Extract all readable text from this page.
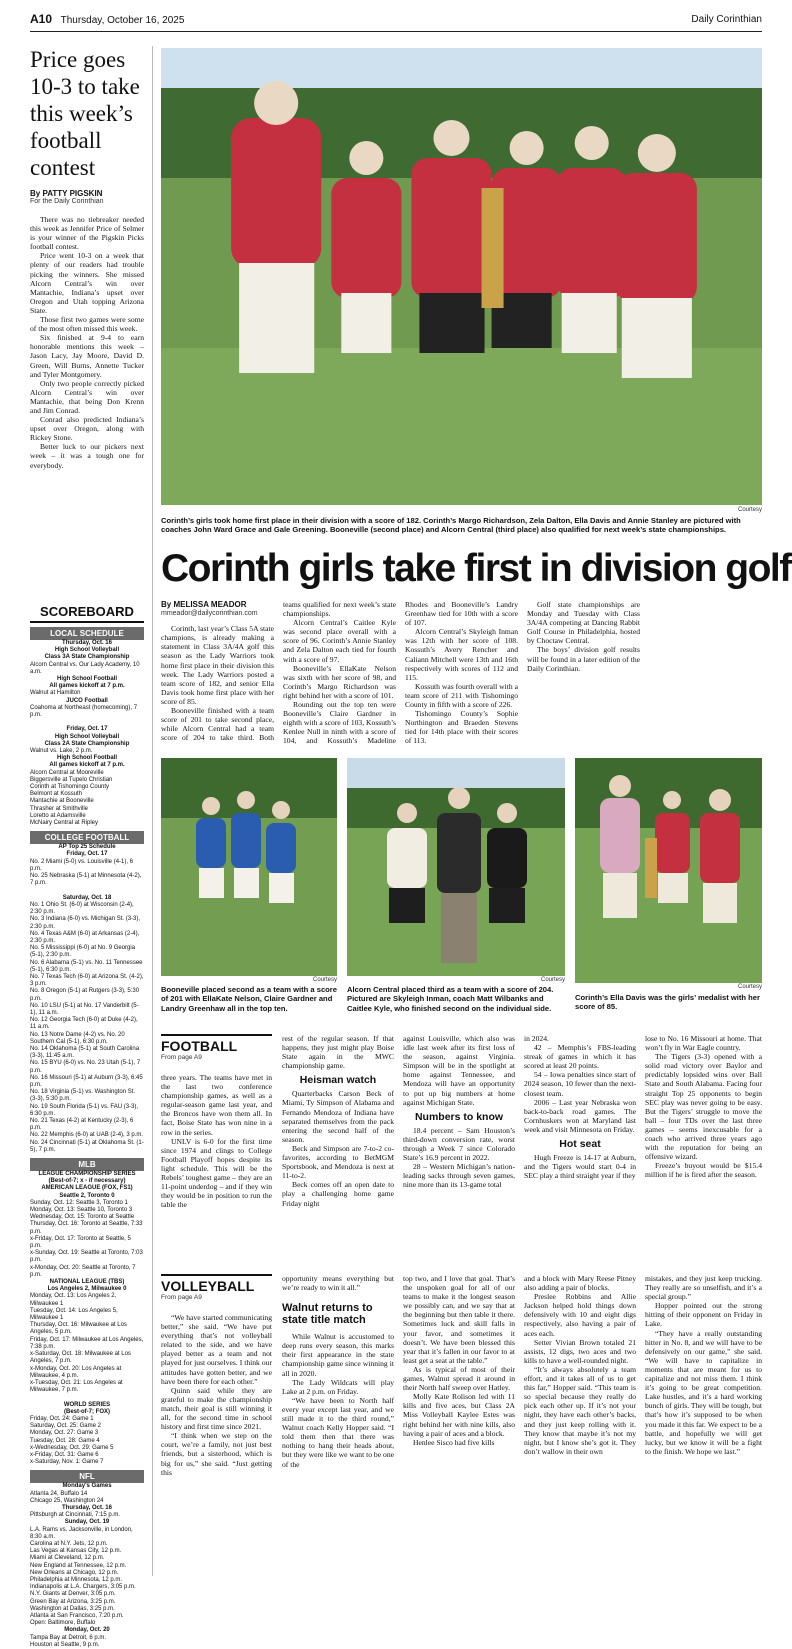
A10 Thursday, October 16, 2025	Daily Corinthian
Price goes 10-3 to take this week’s football contest
By PATTY PIGSKIN
For the Daily Corinthian

There was no tiebreaker needed this week as Jennifer Price of Selmer is your winner of the Pigskin Picks football contest.

Price went 10-3 on a week that plenty of our readers had trouble picking the winners. She missed Alcorn Central’s win over Mantachie, Indiana’s upset over Oregon and Utah topping Arizona State.

Those first two games were some of the most often missed this week.

Six finished at 9-4 to earn honorable mentions this week – Jason Lacy, Jay Moore, David D. Green, Will Burns, Annette Tucker and Tyler Montgomery.

Only two people correctly picked Alcorn Central’s win over Mantachie, that being Don Krenn and Jim Conrad.

Conrad also predicted Indiana’s upset over Oregon, along with Rickey Stone.

Better luck to our pickers next week – it was a tough one for everybody.

SCOREBOARD
LOCAL SCHEDULE
Thursday, Oct. 16
High School Volleyball
Class 3A State Championship
Alcorn Central vs. Our Lady Academy, 10 a.m.
High School Football
All games kickoff at 7 p.m.
Walnut at Hamilton
JUCO Football
Coahoma at Northeast (homecoming), 7 p.m.

Friday, Oct. 17
High School Volleyball
Class 2A State Championship
Walnut vs. Lake, 2 p.m.
High School Football
All games kickoff at 7 p.m.
Alcorn Central at Mooreville
Biggersville at Tupelo Christian
Corinth at Tishomingo County
Belmont at Kossuth
Mantachie at Booneville
Thrasher at Smithville
Loretto at Adamsville
McNairy Central at Ripley
COLLEGE FOOTBALL
AP Top 25 Schedule
Friday, Oct. 17
No. 2 Miami (5-0) vs. Louisville (4-1), 6 p.m.
No. 25 Nebraska (5-1) at Minnesota (4-2), 7 p.m.

Saturday, Oct. 18
No. 1 Ohio St. (6-0) at Wisconsin (2-4), 2:30 p.m.
No. 3 Indiana (6-0) vs. Michigan St. (3-3), 2:30 p.m.
No. 4 Texas A&M (6-0) at Arkansas (2-4), 2:30 p.m.
No. 5 Mississippi (6-0) at No. 9 Georgia (5-1), 2:30 p.m.
No. 6 Alabama (5-1) vs. No. 11 Tennessee (5-1), 6:30 p.m.
No. 7 Texas Tech (6-0) at Arizona St. (4-2), 3 p.m.
No. 8 Oregon (5-1) at Rutgers (3-3), 5:30 p.m.
No. 10 LSU (5-1) at No. 17 Vanderbilt (5-1), 11 a.m.
No. 12 Georgia Tech (6-0) at Duke (4-2), 11 a.m.
No. 13 Notre Dame (4-2) vs. No. 20 Southern Cal (5-1), 6:30 p.m.
No. 14 Oklahoma (5-1) at South Carolina (3-3), 11:45 a.m.
No. 15 BYU (6-0) vs. No. 23 Utah (5-1), 7 p.m.
No. 16 Missouri (5-1) at Auburn (3-3), 6:45 p.m.
No. 18 Virginia (5-1) vs. Washington St. (3-3), 5:30 p.m.
No. 19 South Florida (5-1) vs. FAU (3-3), 6:30 p.m.
No. 21 Texas (4-2) at Kentucky (2-3), 6 p.m.
No. 22 Memphis (6-0) at UAB (2-4), 3 p.m.
No. 24 Cincinnati (5-1) at Oklahoma St. (1-5), 7 p.m.
MLB
LEAGUE CHAMPIONSHIP SERIES
(Best-of-7; x - if necessary)
AMERICAN LEAGUE (FOX, FS1)
Seattle 2, Toronto 0
Sunday, Oct. 12: Seattle 3, Toronto 1
Monday, Oct. 13: Seattle 10, Toronto 3
Wednesday, Oct. 15: Toronto at Seattle
Thursday, Oct. 16: Toronto at Seattle, 7:33 p.m.
x-Friday, Oct. 17: Toronto at Seattle, 5 p.m.
x-Sunday, Oct. 19: Seattle at Toronto, 7:03 p.m.
x-Monday, Oct. 20: Seattle at Toronto, 7 p.m.
NATIONAL LEAGUE (TBS)
Los Angeles 2, Milwaukee 0
Monday, Oct. 13: Los Angeles 2, Milwaukee 1
Tuesday, Oct. 14: Los Angeles 5, Milwaukee 1
Thursday, Oct. 16: Milwaukee at Los Angeles, 5 p.m.
Friday, Oct. 17: Milwaukee at Los Angeles, 7:38 p.m.
x-Saturday, Oct. 18: Milwaukee at Los Angeles, 7 p.m.
x-Monday, Oct. 20: Los Angeles at Milwaukee, 4 p.m.
x-Tuesday, Oct. 21: Los Angeles at Milwaukee, 7 p.m.

WORLD SERIES
(Best-of-7; FOX)
Friday, Oct. 24: Game 1
Saturday, Oct. 25: Game 2
Monday, Oct. 27: Game 3
Tuesday, Oct. 28: Game 4
x-Wednesday, Oct. 29: Game 5
x-Friday, Oct. 31: Game 6
x-Saturday, Nov. 1: Game 7
NFL
Monday's Games
Atlanta 24, Buffalo 14
Chicago 25, Washington 24
Thursday, Oct. 16
Pittsburgh at Cincinnati, 7:15 p.m.
Sunday, Oct. 19
L.A. Rams vs. Jacksonville, in London, 8:30 a.m.
Carolina at N.Y. Jets, 12 p.m.
Las Vegas at Kansas City, 12 p.m.
Miami at Cleveland, 12 p.m.
New England at Tennessee, 12 p.m.
New Orleans at Chicago, 12 p.m.
Philadelphia at Minnesota, 12 p.m.
Indianapolis at L.A. Chargers, 3:05 p.m.
N.Y. Giants at Denver, 3:05 p.m.
Green Bay at Arizona, 3:25 p.m.
Washington at Dallas, 3:25 p.m.
Atlanta at San Francisco, 7:20 p.m.
Open: Baltimore, Buffalo
Monday, Oct. 20
Tampa Bay at Detroit, 6 p.m.
Houston at Seattle, 9 p.m.
Courtesy
Corinth’s girls took home first place in their division with a score of 182. Corinth’s Margo Richardson, Zela Dalton, Ella Davis and Annie Stanley are pictured with coaches John Ward Grace and Gale Greening. Booneville (second place) and Alcorn Central (third place) also qualified for next week’s state championships.
Corinth girls take first in division golf
By MELISSA MEADOR
mmeador@dailycorinthian.com

Corinth, last year’s Class 5A state champions, is already making a statement in Class 3A/4A golf this season as the Lady Warriors took home first place in their division this week. The Lady Warriors posted a team score of 182, and senior Ella Davis took home first place with her score of 85.

Booneville finished with a team score of 201 to take second place, while Alcorn Central had a team score of 204 to take third. Both teams qualified for next week’s state championships.

Alcorn Central’s Caitlee Kyle was second place overall with a score of 96. Corinth’s Annie Stanley and Zela Dalton each tied for fourth with a score of 97.

Booneville’s EllaKate Nelson was sixth with her score of 98, and Corinth’s Margo Richardson was right behind her with a score of 101.

Rounding out the top ten were Booneville’s Claire Gardner in eighth with a score of 103, Kossuth’s Kenlee Null in ninth with a score of 104, and Kossuth’s Madeline Rhodes and Booneville’s Landry Greenhaw tied for 10th with a score of 107.

Alcorn Central’s Skyleigh Inman was 12th with her score of 108. Kossuth’s Avery Rencher and Caliann Mitchell were 13th and 16th respectively with scores of 112 and 115.

Kossuth was fourth overall with a team score of 211 with Tishomingo County in fifth with a score of 226.

Tishomingo County’s Sophie Northington and Braeden Stevens tied for 14th place with their scores of 113.

Golf state championships are Monday and Tuesday with Class 3A/4A competing at Dancing Rabbit Golf Course in Philadelphia, hosted by Choctaw Central.

The boys’ division golf results will be found in a later edition of the Daily Corinthian.

Courtesy
Booneville placed second as a team with a score of 201 with EllaKate Nelson, Claire Gardner and Landry Greenhaw all in the top ten.
Courtesy
Alcorn Central placed third as a team with a score of 204. Pictured are Skyleigh Inman, coach Matt Wilbanks and Caitlee Kyle, who finished second on the individual side.
Courtesy
Corinth’s Ella Davis was the girls’ medalist with her score of 85.
FOOTBALL
From page A9

three years. The teams have met in the last two conference championship games, as well as a regular-season game last year, and the Broncos have won them all. In fact, Boise State has won nine in a row in the series.

UNLV is 6-0 for the first time since 1974 and clings to College Football Playoff hopes despite its light schedule. This will be the Rebels’ toughest game – they are an 11-point underdog – and if they win they would be in position to run the table the

rest of the regular season. If that happens, they just might play Boise State again in the MWC championship game.

Heisman watch

Quarterbacks Carson Beck of Miami, Ty Simpson of Alabama and Fernando Mendoza of Indiana have separated themselves from the pack entering the second half of the season.

Beck and Simpson are 7-to-2 co-favorites, according to BetMGM Sportsbook, and Mendoza is next at 11-to-2.

Beck comes off an open date to play a challenging home game Friday night

against Louisville, which also was idle last week after its first loss of the season, against Virginia. Simpson will be in the spotlight at home against Tennessee, and Mendoza will have an opportunity to put up big numbers at home against Michigan State.

Numbers to know

18.4 percent – Sam Houston’s third-down conversion rate, worst through a Week 7 since Colorado State’s 16.9 percent in 2022.

28 – Western Michigan’s nation-leading sacks through seven games, nine more than its 13-game total

in 2024.

42 – Memphis’s FBS-leading streak of games in which it has scored at least 20 points.

54 – Iowa penalties since start of 2024 season, 10 fewer than the next-closest team.

2006 – Last year Nebraska won back-to-back road games. The Cornhuskers won at Maryland last week and visit Minnesota on Friday.

Hot seat

Hugh Freeze is 14-17 at Auburn, and the Tigers would start 0-4 in SEC play a third straight year if they

lose to No. 16 Missouri at home. That won’t fly in War Eagle country.

The Tigers (3-3) opened with a solid road victory over Baylor and predictably lopsided wins over Ball State and South Alabama. Facing four straight Top 25 opponents to begin SEC play was never going to be easy. But the Tigers’ struggle to move the ball – four TDs over the last three games – seems inexcusable for a coach who arrived three years ago with the reputation for being an offensive wizard.

Freeze’s buyout would be $15.4 million if he is fired after the season.

VOLLEYBALL
From page A9

“We have started communicating better,” she said. “We have put everything that’s not volleyball related to the side, and we have played better as a team and not played for just ourselves. I think our attitudes have gotten better, and we have been there for each other.”

Quinn said while they are grateful to make the championship match, their goal is still winning it all, for the second time in school history and first time since 2021.

“I think when we step on the court, we’re a family, not just best friends, but a sisterhood, which is big for us,” she said. “Just getting this

opportunity means everything but we’re ready to win it all.”

Walnut returns to state title match

While Walnut is accustomed to deep runs every season, this marks their first appearance in the state championship game since winning it all in 2020.

The Lady Wildcats will play Lake at 2 p.m. on Friday.

“We have been to North half every year except last year, and we still made it to the third round,” Walnut coach Kelly Hopper said. “I told them then that there was nothing to hang their heads about, but they were like we want to be one of the

top two, and I love that goal. That’s the unspoken goal for all of our teams to make it the longest season we possibly can, and we say that at the beginning but then table it there. Sometimes luck and skill falls in your favor, and sometimes it doesn’t. We have been blessed this year that it’s fallen in our favor to at least get a seat at the table.”

As is typical of most of their games, Walnut spread it around in their North half sweep over Hatley.

Molly Kate Rolison led with 11 kills and five aces, but Class 2A Miss Volleyball Kaylee Estes was right behind her with nine kills, also having a pair of aces and a block.

Henlee Sisco had five kills

and a block with Mary Reese Pitney also adding a pair of blocks.

Preslee Robbins and Allie Jackson helped hold things down defensively with 10 and eight digs respectively, also having a pair of aces each.

Setter Vivian Brown totaled 21 assists, 12 digs, two aces and two kills to have a well-rounded night.

“It’s always absolutely a team effort, and it takes all of us to get this far,” Hopper said. “This team is so special because they really do pick each other up. If it’s not your night, they have each other’s backs, and they just keep rolling with it. They know that maybe it’s not my night, but I know she’s got it. They don’t wallow in their own

mistakes, and they just keep trucking. They really are so unselfish, and it’s a special group.”

Hopper pointed out the strong hitting of their opponent on Friday in Lake.

“They have a really outstanding hitter in No. 8, and we will have to be defensively on our game,” she said. “We will have to capitalize in moments that are meant for us to capitalize and not miss them. I think it’s going to be great competition. Lake hustles, and it’s a hard working bunch of girls. They will be tough, but that’s how it’s supposed to be when you made it this far. We expect to be a battle, and hopefully we will get lucky, but we know it will be a fight to the finish. We hope we last.”
